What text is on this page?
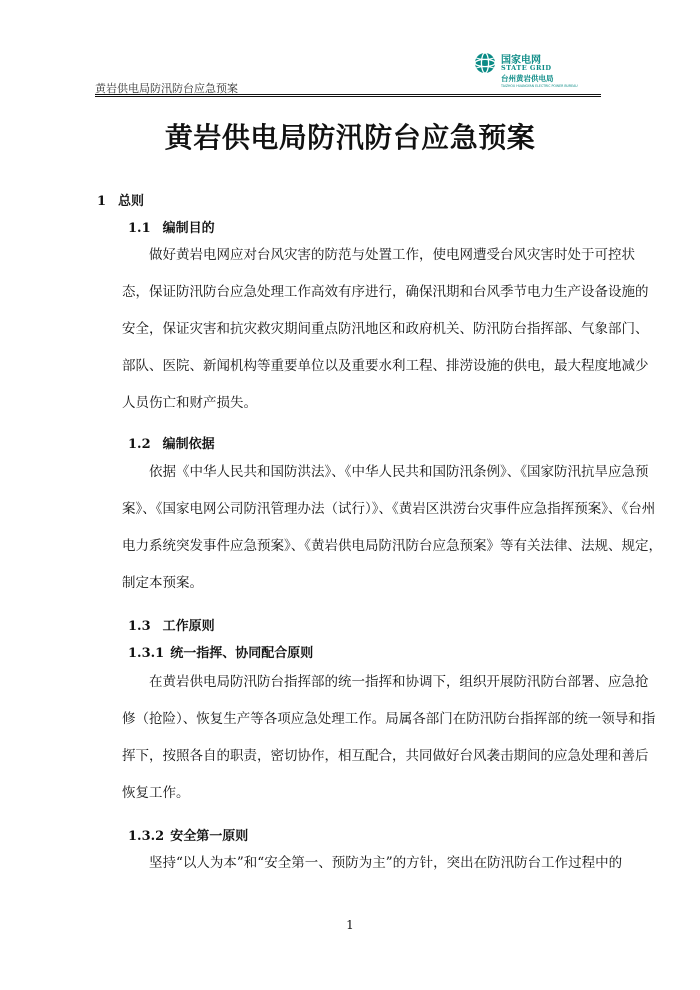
黄岩供电局防汛防台应急预案
国家电网
STATE GRID
台州黄岩供电局
TAIZHOU HUANGYAN ELECTRIC POWER BUREAU
黄岩供电局防汛防台应急预案
1 总则
1.1 编制目的
做好黄岩电网应对台风灾害的防范与处置工作，使电网遭受台风灾害时处于可控状
态，保证防汛防台应急处理工作高效有序进行，确保汛期和台风季节电力生产设备设施的
安全，保证灾害和抗灾救灾期间重点防汛地区和政府机关、防汛防台指挥部、气象部门、
部队、医院、新闻机构等重要单位以及重要水利工程、排涝设施的供电，最大程度地减少
人员伤亡和财产损失。
1.2 编制依据
依据《中华人民共和国防洪法》、《中华人民共和国防汛条例》、《国家防汛抗旱应急预
案》、《国家电网公司防汛管理办法（试行）》、《黄岩区洪涝台灾事件应急指挥预案》、《台州
电力系统突发事件应急预案》、《黄岩供电局防汛防台应急预案》等有关法律、法规、规定，
制定本预案。
1.3 工作原则
1.3.1 统一指挥、协同配合原则
在黄岩供电局防汛防台指挥部的统一指挥和协调下，组织开展防汛防台部署、应急抢
修（抢险）、恢复生产等各项应急处理工作。局属各部门在防汛防台指挥部的统一领导和指
挥下，按照各自的职责，密切协作，相互配合，共同做好台风袭击期间的应急处理和善后
恢复工作。
1.3.2 安全第一原则
坚持“以人为本”和“安全第一、预防为主”的方针，突出在防汛防台工作过程中的
1
